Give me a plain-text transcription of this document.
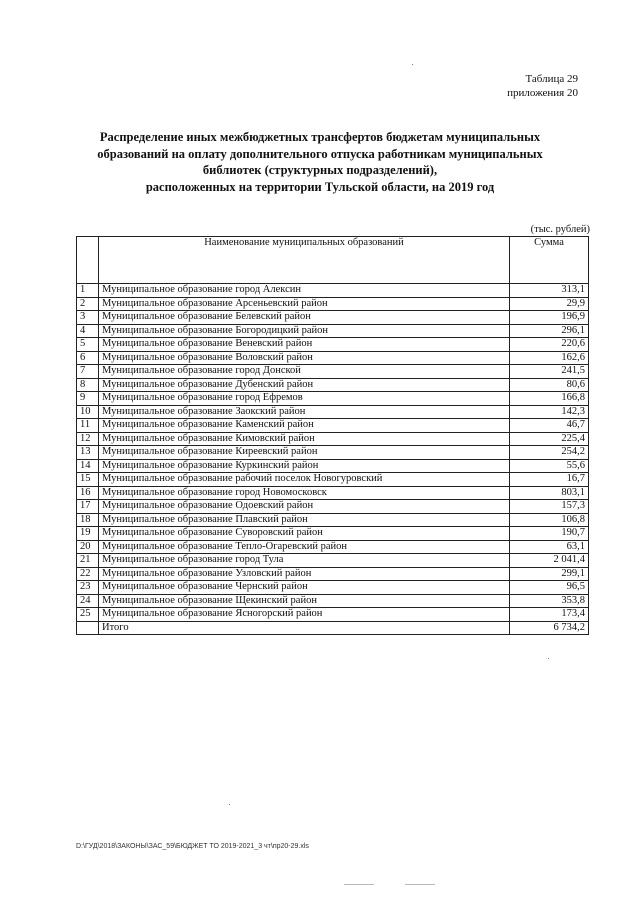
Таблица 29
приложения 20
Распределение иных межбюджетных трансфертов бюджетам муниципальных
образований на оплату дополнительного отпуска работникам муниципальных
библиотек (структурных подразделений),
расположенных на территории Тульской области, на 2019 год
(тыс. рублей)
	Наименование муниципальных образований	Сумма
1	Муниципальное образование город Алексин	313,1
2	Муниципальное образование Арсеньевский район	29,9
3	Муниципальное образование Белевский район	196,9
4	Муниципальное образование Богородицкий район	296,1
5	Муниципальное образование Веневский район	220,6
6	Муниципальное образование Воловский район	162,6
7	Муниципальное образование город Донской	241,5
8	Муниципальное образование Дубенский район	80,6
9	Муниципальное образование город Ефремов	166,8
10	Муниципальное образование Заокский район	142,3
11	Муниципальное образование Каменский район	46,7
12	Муниципальное образование Кимовский район	225,4
13	Муниципальное образование Киреевский район	254,2
14	Муниципальное образование Куркинский район	55,6
15	Муниципальное образование рабочий поселок Новогуровский	16,7
16	Муниципальное образование город Новомосковск	803,1
17	Муниципальное образование Одоевский район	157,3
18	Муниципальное образование Плавский район	106,8
19	Муниципальное образование Суворовский район	190,7
20	Муниципальное образование Тепло-Огаревский район	63,1
21	Муниципальное образование город Тула	2 041,4
22	Муниципальное образование Узловский район	299,1
23	Муниципальное образование Чернский район	96,5
24	Муниципальное образование Щекинский район	353,8
25	Муниципальное образование Ясногорский район	173,4
	Итого	6 734,2
D:\ГУД\2018\ЗАКОНЫ\ЗАС_59\БЮДЖЕТ ТО 2019-2021_3 чт\пр20-29.xls
